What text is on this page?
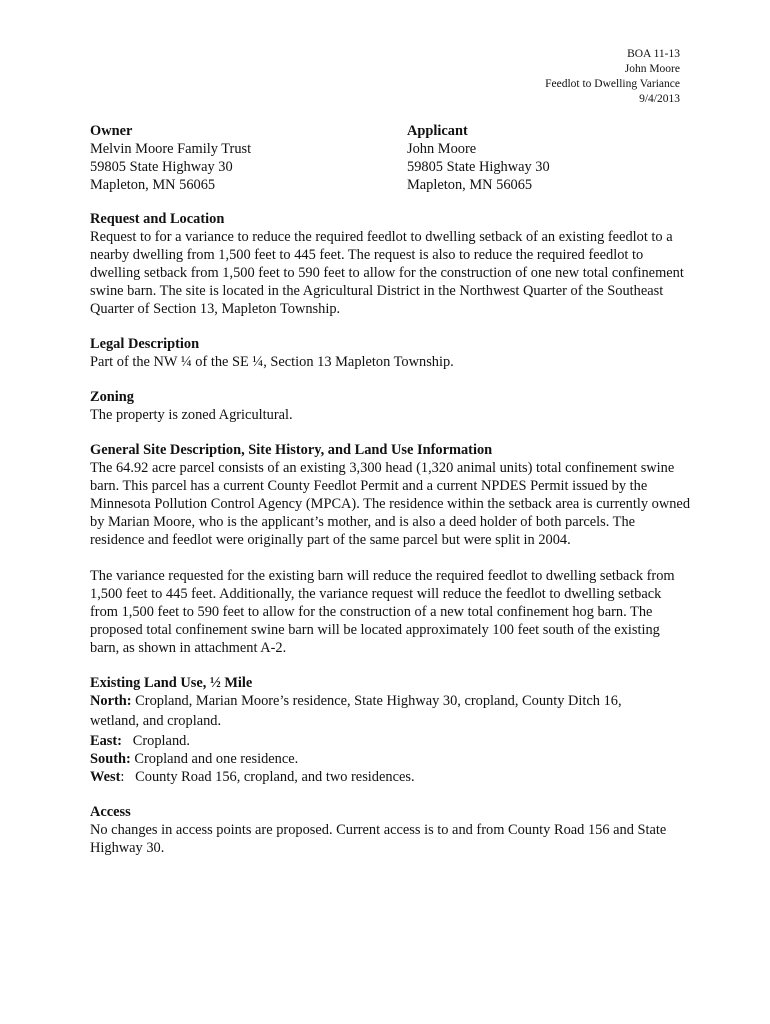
BOA 11-13
John Moore
Feedlot to Dwelling Variance
9/4/2013
Owner
Melvin Moore Family Trust
59805 State Highway 30
Mapleton, MN 56065
Applicant
John Moore
59805 State Highway 30
Mapleton, MN 56065
Request and Location

Request to for a variance to reduce the required feedlot to dwelling setback of an existing feedlot to a nearby dwelling from 1,500 feet to 445 feet. The request is also to reduce the required feedlot to dwelling setback from 1,500 feet to 590 feet to allow for the construction of one new total confinement swine barn. The site is located in the Agricultural District in the Northwest Quarter of the Southeast Quarter of Section 13, Mapleton Township.

Legal Description

Part of the NW ¼ of the SE ¼, Section 13 Mapleton Township.

Zoning

The property is zoned Agricultural.

General Site Description, Site History, and Land Use Information

The 64.92 acre parcel consists of an existing 3,300 head (1,320 animal units) total confinement swine barn. This parcel has a current County Feedlot Permit and a current NPDES Permit issued by the Minnesota Pollution Control Agency (MPCA). The residence within the setback area is currently owned by Marian Moore, who is the applicant’s mother, and is also a deed holder of both parcels. The residence and feedlot were originally part of the same parcel but were split in 2004.

The variance requested for the existing barn will reduce the required feedlot to dwelling setback from 1,500 feet to 445 feet. Additionally, the variance request will reduce the feedlot to dwelling setback from 1,500 feet to 590 feet to allow for the construction of a new total confinement hog barn. The proposed total confinement swine barn will be located approximately 100 feet south of the existing barn, as shown in attachment A-2.

Existing Land Use, ½ Mile
North: Cropland, Marian Moore’s residence, State Highway 30, cropland, County Ditch 16,
wetland, and cropland.
East:   Cropland.
South: Cropland and one residence.
West:   County Road 156, cropland, and two residences.
Access

No changes in access points are proposed. Current access is to and from County Road 156 and State Highway 30.
